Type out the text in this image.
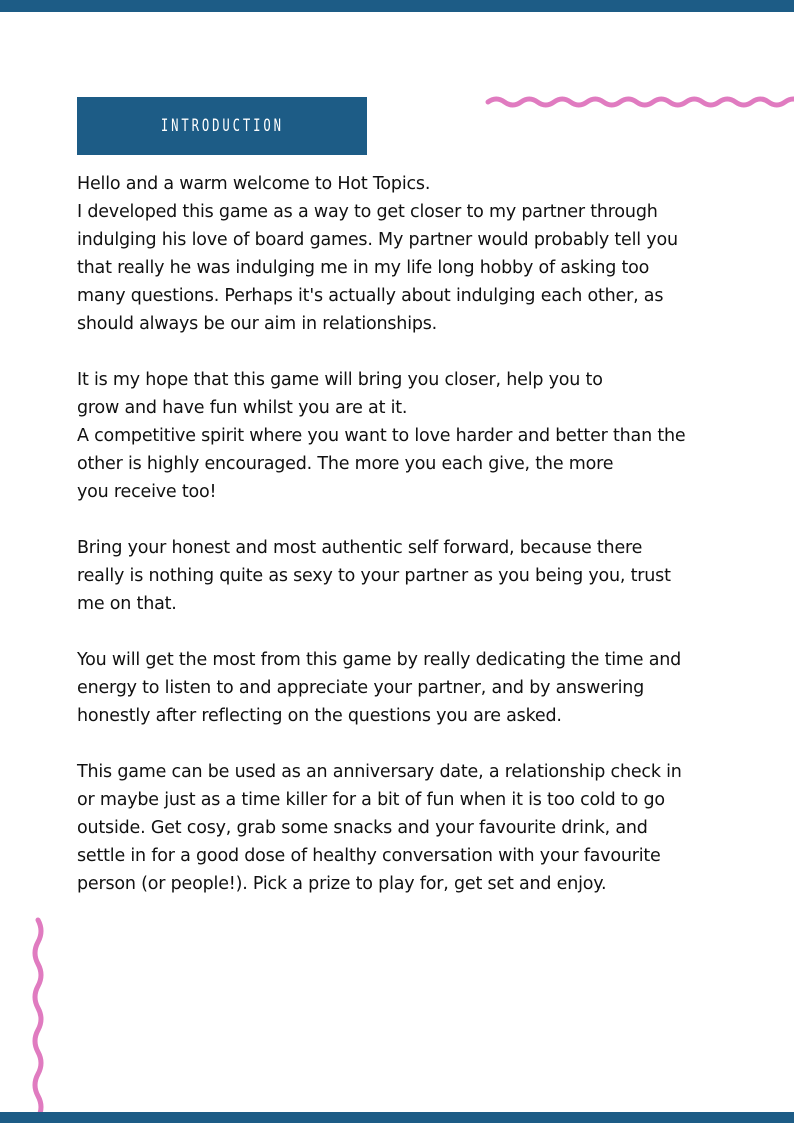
INTRODUCTION
Hello and a warm welcome to Hot Topics.
I developed this game as a way to get closer to my partner through
indulging his love of board games. My partner would probably tell you
that really he was indulging me in my life long hobby of asking too
many questions. Perhaps it's actually about indulging each other, as
should always be our aim in relationships.
It is my hope that this game will bring you closer, help you to
grow and have fun whilst you are at it.
A competitive spirit where you want to love harder and better than the
other is highly encouraged. The more you each give, the more
you receive too!
Bring your honest and most authentic self forward, because there
really is nothing quite as sexy to your partner as you being you, trust
me on that.
You will get the most from this game by really dedicating the time and
energy to listen to and appreciate your partner, and by answering
honestly after reflecting on the questions you are asked.
This game can be used as an anniversary date, a relationship check in
or maybe just as a time killer for a bit of fun when it is too cold to go
outside. Get cosy, grab some snacks and your favourite drink, and
settle in for a good dose of healthy conversation with your favourite
person (or people!). Pick a prize to play for, get set and enjoy.
